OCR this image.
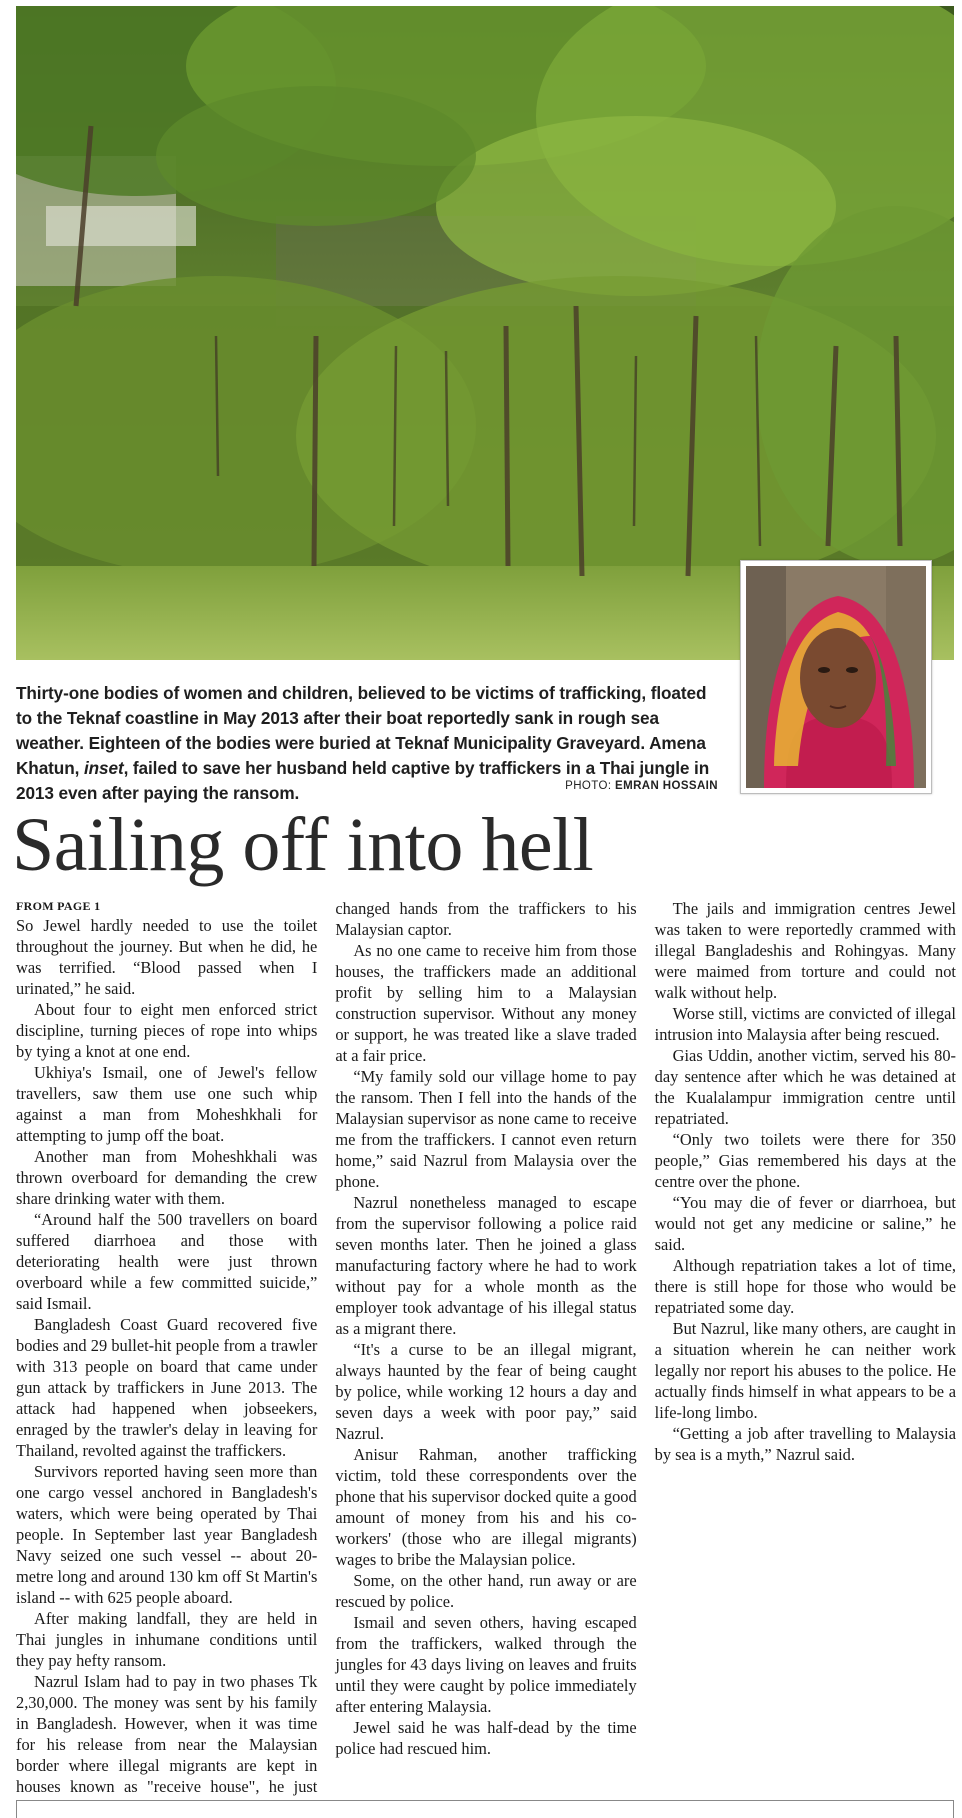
Thirty-one bodies of women and children, believed to be victims of trafficking, floated to the Teknaf coastline in May 2013 after their boat reportedly sank in rough sea weather. Eighteen of the bodies were buried at Teknaf Municipality Graveyard. Amena Khatun, inset, failed to save her husband held captive by traffickers in a Thai jungle in 2013 even after paying the ransom.	PHOTO: EMRAN HOSSAIN
Sailing off into hell
FROM PAGE 1

So Jewel hardly needed to use the toilet throughout the journey. But when he did, he was terrified. “Blood passed when I urinated,” he said.

About four to eight men enforced strict discipline, turning pieces of rope into whips by tying a knot at one end.

Ukhiya's Ismail, one of Jewel's fellow travellers, saw them use one such whip against a man from Moheshkhali for attempting to jump off the boat.

Another man from Moheshkhali was thrown overboard for demanding the crew share drinking water with them.

“Around half the 500 travellers on board suffered diarrhoea and those with deteriorating health were just thrown overboard while a few committed suicide,” said Ismail.

Bangladesh Coast Guard recovered five bodies and 29 bullet-hit people from a trawler with 313 people on board that came under gun attack by traffickers in June 2013. The attack had happened when jobseekers, enraged by the trawler's delay in leaving for Thailand, revolted against the traffickers.

Survivors reported having seen more than one cargo vessel anchored in Bangladesh's waters, which were being operated by Thai people. In September last year Bangladesh Navy seized one such vessel -- about 20-metre long and around 130 km off St Martin's island -- with 625 people aboard.

After making landfall, they are held in Thai jungles in inhumane conditions until they pay hefty ransom.

Nazrul Islam had to pay in two phases Tk 2,30,000. The money was sent by his family in Bangladesh. However, when it was time for his release from near the Malaysian border where illegal migrants are kept in houses known as "receive house", he just changed hands from the traffickers to his Malaysian captor.

As no one came to receive him from those houses, the traffickers made an additional profit by selling him to a Malaysian construction supervisor. Without any money or support, he was treated like a slave traded at a fair price.

“My family sold our village home to pay the ransom. Then I fell into the hands of the Malaysian supervisor as none came to receive me from the traffickers. I cannot even return home,” said Nazrul from Malaysia over the phone.

Nazrul nonetheless managed to escape from the supervisor following a police raid seven months later. Then he joined a glass manufacturing factory where he had to work without pay for a whole month as the employer took advantage of his illegal status as a migrant there.

“It's a curse to be an illegal migrant, always haunted by the fear of being caught by police, while working 12 hours a day and seven days a week with poor pay,” said Nazrul.

Anisur Rahman, another trafficking victim, told these correspondents over the phone that his supervisor docked quite a good amount of money from his and his co-workers' (those who are illegal migrants) wages to bribe the Malaysian police.

Some, on the other hand, run away or are rescued by police.

Ismail and seven others, having escaped from the traffickers, walked through the jungles for 43 days living on leaves and fruits until they were caught by police immediately after entering Malaysia.

Jewel said he was half-dead by the time police had rescued him.

The jails and immigration centres Jewel was taken to were reportedly crammed with illegal Bangladeshis and Rohingyas. Many were maimed from torture and could not walk without help.

Worse still, victims are convicted of illegal intrusion into Malaysia after being rescued.

Gias Uddin, another victim, served his 80-day sentence after which he was detained at the Kualalampur immigration centre until repatriated.

“Only two toilets were there for 350 people,” Gias remembered his days at the centre over the phone.

“You may die of fever or diarrhoea, but would not get any medicine or saline,” he said.

Although repatriation takes a lot of time, there is still hope for those who would be repatriated some day.

But Nazrul, like many others, are caught in a situation wherein he can neither work legally nor report his abuses to the police. He actually finds himself in what appears to be a life-long limbo.

“Getting a job after travelling to Malaysia by sea is a myth,” Nazrul said.
